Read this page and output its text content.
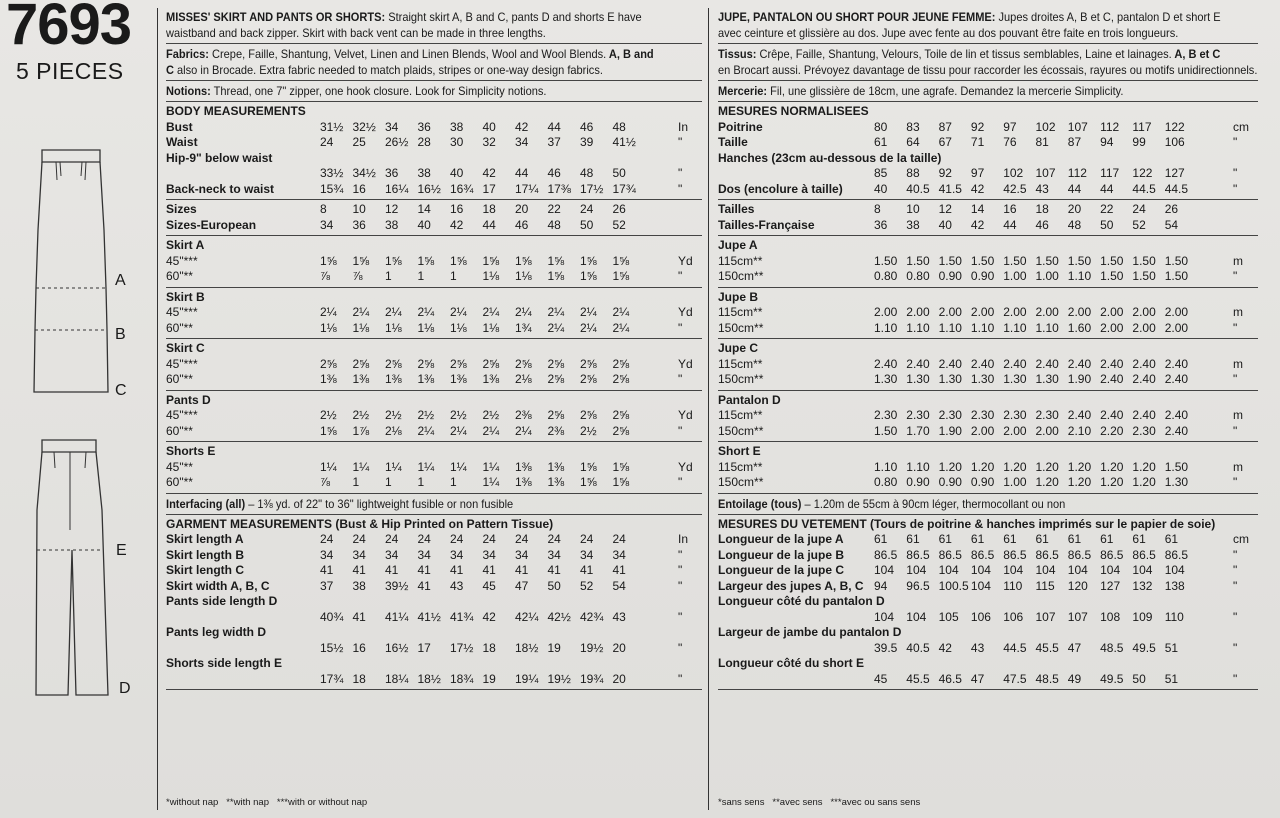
7693
5 PIECES
A
B
C
E
D
MISSES' SKIRT AND PANTS OR SHORTS: Straight skirt A, B and C, pants D and shorts E have
waistband and back zipper. Skirt with back vent can be made in three lengths.
Fabrics: Crepe, Faille, Shantung, Velvet, Linen and Linen Blends, Wool and Wool Blends. A, B and
C also in Brocade. Extra fabric needed to match plaids, stripes or one-way design fabrics.
Notions: Thread, one 7" zipper, one hook closure. Look for Simplicity notions.
BODY MEASUREMENTS
Bust	31½ 32½ 34 36 38 40 42 44 46 48	In
Waist	24 25 26½ 28 30 32 34 37 39 41½	"
Hip-9" below waist
33½ 34½ 36 38 40 42 44 46 48 50	"
Back-neck to waist	15¾ 16 16¼ 16½ 16¾ 17 17¼ 17⅜ 17½ 17¾	"
Sizes	8 10 12 14 16 18 20 22 24 26
Sizes-European	34 36 38 40 42 44 46 48 50 52
Skirt A
45"***	1⅝ 1⅝ 1⅝ 1⅝ 1⅝ 1⅝ 1⅝ 1⅝ 1⅝ 1⅝	Yd
60"**	⅞ ⅞ 1 1 1 1⅛ 1⅛ 1⅝ 1⅝ 1⅝	"
Skirt B
45"***	2¼ 2¼ 2¼ 2¼ 2¼ 2¼ 2¼ 2¼ 2¼ 2¼	Yd
60"**	1⅛ 1⅛ 1⅛ 1⅛ 1⅛ 1⅛ 1¾ 2¼ 2¼ 2¼	"
Skirt C
45"***	2⅝ 2⅝ 2⅝ 2⅝ 2⅝ 2⅝ 2⅝ 2⅝ 2⅝ 2⅝	Yd
60"**	1⅜ 1⅜ 1⅜ 1⅜ 1⅜ 1⅜ 2⅛ 2⅝ 2⅝ 2⅝	"
Pants D
45"***	2½ 2½ 2½ 2½ 2½ 2½ 2⅜ 2⅝ 2⅝ 2⅝	Yd
60"**	1⅝ 1⅞ 2⅛ 2¼ 2¼ 2¼ 2¼ 2⅜ 2½ 2⅝	"
Shorts E
45"**	1¼ 1¼ 1¼ 1¼ 1¼ 1¼ 1⅜ 1⅜ 1⅝ 1⅝	Yd
60"**	⅞ 1 1 1 1 1¼ 1⅜ 1⅜ 1⅝ 1⅝	"
Interfacing (all) – 1⅜ yd. of 22" to 36" lightweight fusible or non fusible
GARMENT MEASUREMENTS (Bust & Hip Printed on Pattern Tissue)
Skirt length A	24 24 24 24 24 24 24 24 24 24	In
Skirt length B	34 34 34 34 34 34 34 34 34 34	"
Skirt length C	41 41 41 41 41 41 41 41 41 41	"
Skirt width A, B, C	37 38 39½ 41 43 45 47 50 52 54	"
Pants side length D
40¾ 41 41¼ 41½ 41¾ 42 42¼ 42½ 42¾ 43	"
Pants leg width D
15½ 16 16½ 17 17½ 18 18½ 19 19½ 20	"
Shorts side length E
17¾ 18 18¼ 18½ 18¾ 19 19¼ 19½ 19¾ 20	"
JUPE, PANTALON OU SHORT POUR JEUNE FEMME: Jupes droites A, B et C, pantalon D et short E
avec ceinture et glissière au dos. Jupe avec fente au dos pouvant être faite en trois longueurs.
Tissus: Crêpe, Faille, Shantung, Velours, Toile de lin et tissus semblables, Laine et lainages. A, B et C
en Brocart aussi. Prévoyez davantage de tissu pour raccorder les écossais, rayures ou motifs unidirectionnels.
Mercerie: Fil, une glissière de 18cm, une agrafe. Demandez la mercerie Simplicity.
MESURES NORMALISEES
Poitrine	80 83 87 92 97 102 107 112 117 122	cm
Taille	61 64 67 71 76 81 87 94 99 106	"
Hanches (23cm au-dessous de la taille)
85 88 92 97 102 107 112 117 122 127	"
Dos (encolure à taille)	40 40.5 41.5 42 42.5 43 44 44 44.5 44.5	"
Tailles	8 10 12 14 16 18 20 22 24 26
Tailles-Française	36 38 40 42 44 46 48 50 52 54
Jupe A
115cm**	1.50 1.50 1.50 1.50 1.50 1.50 1.50 1.50 1.50 1.50	m
150cm**	0.80 0.80 0.90 0.90 1.00 1.00 1.10 1.50 1.50 1.50	"
Jupe B
115cm**	2.00 2.00 2.00 2.00 2.00 2.00 2.00 2.00 2.00 2.00	m
150cm**	1.10 1.10 1.10 1.10 1.10 1.10 1.60 2.00 2.00 2.00	"
Jupe C
115cm**	2.40 2.40 2.40 2.40 2.40 2.40 2.40 2.40 2.40 2.40	m
150cm**	1.30 1.30 1.30 1.30 1.30 1.30 1.90 2.40 2.40 2.40	"
Pantalon D
115cm**	2.30 2.30 2.30 2.30 2.30 2.30 2.40 2.40 2.40 2.40	m
150cm**	1.50 1.70 1.90 2.00 2.00 2.00 2.10 2.20 2.30 2.40	"
Short E
115cm**	1.10 1.10 1.20 1.20 1.20 1.20 1.20 1.20 1.20 1.50	m
150cm**	0.80 0.90 0.90 0.90 1.00 1.20 1.20 1.20 1.20 1.30	"
Entoilage (tous) – 1.20m de 55cm à 90cm léger, thermocollant ou non
MESURES DU VETEMENT (Tours de poitrine & hanches imprimés sur le papier de soie)
Longueur de la jupe A	61 61 61 61 61 61 61 61 61 61	cm
Longueur de la jupe B 86.5 86.5 86.5 86.5 86.5 86.5 86.5 86.5 86.5 86.5	"
Longueur de la jupe C 104 104 104 104 104 104 104 104 104 104	"
Largeur des jupes A, B, C 94 96.5 100.5 104 110 115 120 127 132 138	"
Longueur côté du pantalon D
104 104 105 106 106 107 107 108 109 110	"
Largeur de jambe du pantalon D
39.5 40.5 42 43 44.5 45.5 47 48.5 49.5 51	"
Longueur côté du short E
45 45.5 46.5 47 47.5 48.5 49 49.5 50 51	"
*without nap   **with nap   ***with or without nap	*sans sens   **avec sens   ***avec ou sans sens
